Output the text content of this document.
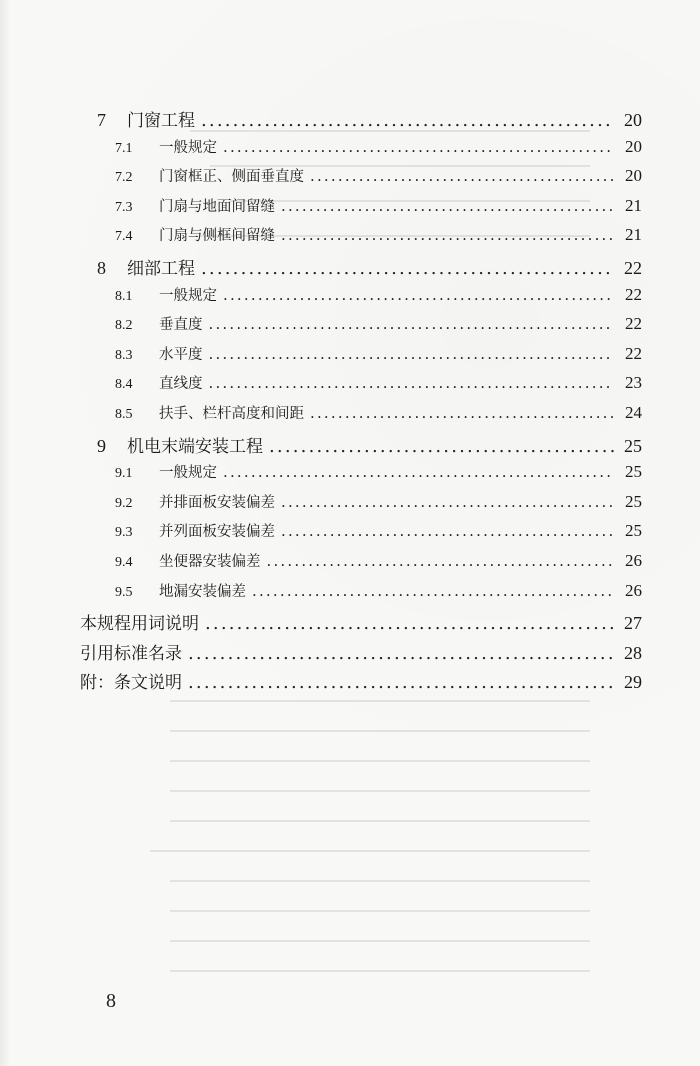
7	门窗工程 .....	20
7.1	一般规定 .....	20
7.2	门窗框正、侧面垂直度 .....	20
7.3	门扇与地面间留缝 .....	21
7.4	门扇与侧框间留缝 .....	21
8	细部工程 .....	22
8.1	一般规定 .....	22
8.2	垂直度 .....	22
8.3	水平度 .....	22
8.4	直线度 .....	23
8.5	扶手、栏杆高度和间距 .....	24
9	机电末端安装工程 .....	25
9.1	一般规定 .....	25
9.2	并排面板安装偏差 .....	25
9.3	并列面板安装偏差 .....	25
9.4	坐便器安装偏差 .....	26
9.5	地漏安装偏差 .....	26
本规程用词说明 .....	27
引用标准名录 .....	28
附：条文说明 .....	29
8
